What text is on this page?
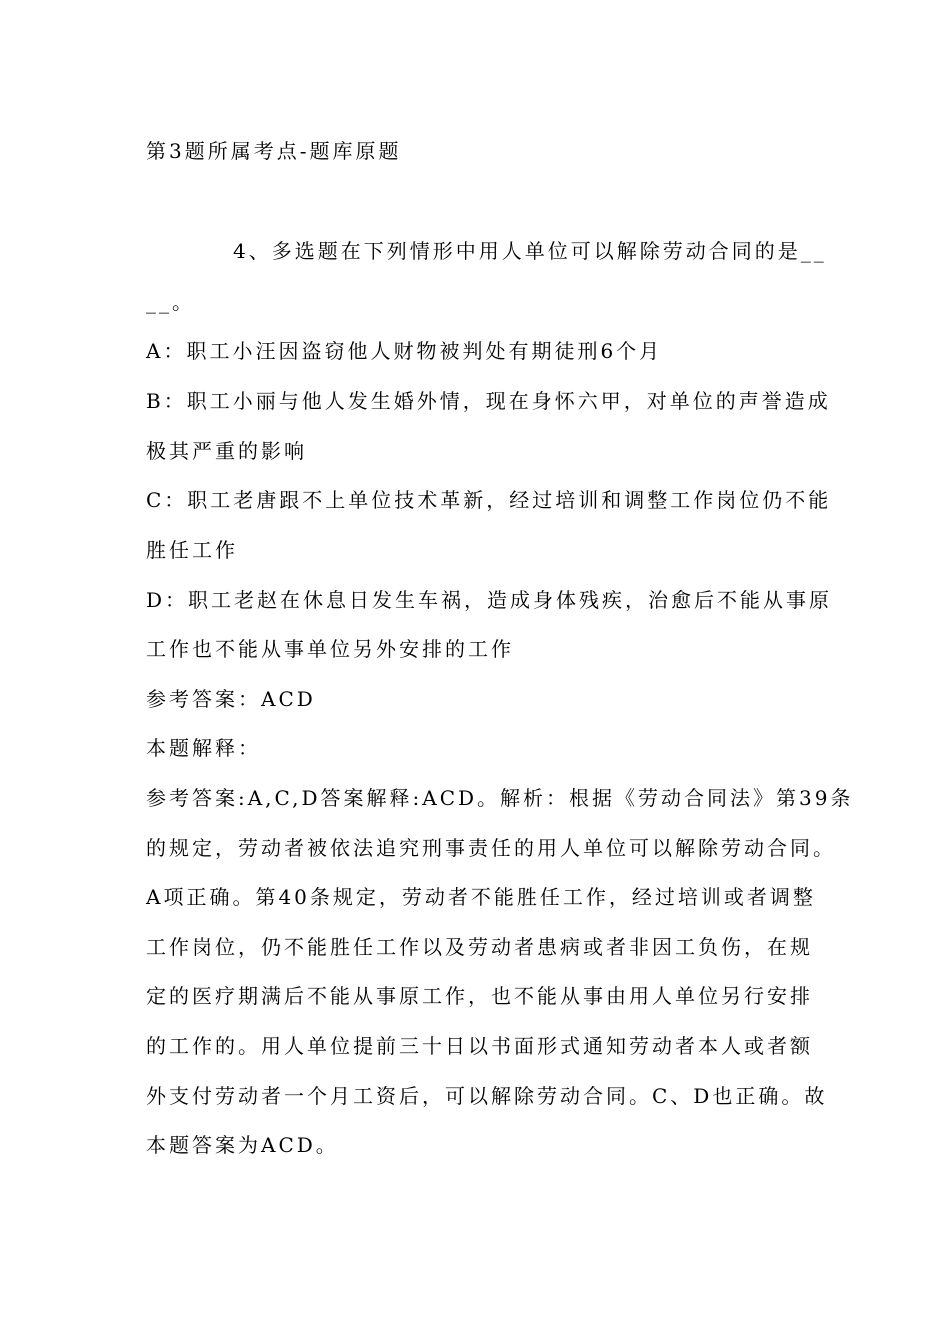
第3题所属考点-题库原题
4、多选题在下列情形中用人单位可以解除劳动合同的是__
__。
A：职工小汪因盗窃他人财物被判处有期徒刑6个月
B：职工小丽与他人发生婚外情，现在身怀六甲，对单位的声誉造成
极其严重的影响
C：职工老唐跟不上单位技术革新，经过培训和调整工作岗位仍不能
胜任工作
D：职工老赵在休息日发生车祸，造成身体残疾，治愈后不能从事原
工作也不能从事单位另外安排的工作
参考答案：ACD
本题解释：
参考答案:A,C,D答案解释:ACD。解析：根据《劳动合同法》第39条
的规定，劳动者被依法追究刑事责任的用人单位可以解除劳动合同。
A项正确。第40条规定，劳动者不能胜任工作，经过培训或者调整
工作岗位，仍不能胜任工作以及劳动者患病或者非因工负伤，在规
定的医疗期满后不能从事原工作，也不能从事由用人单位另行安排
的工作的。用人单位提前三十日以书面形式通知劳动者本人或者额
外支付劳动者一个月工资后，可以解除劳动合同。C、D也正确。故
本题答案为ACD。
